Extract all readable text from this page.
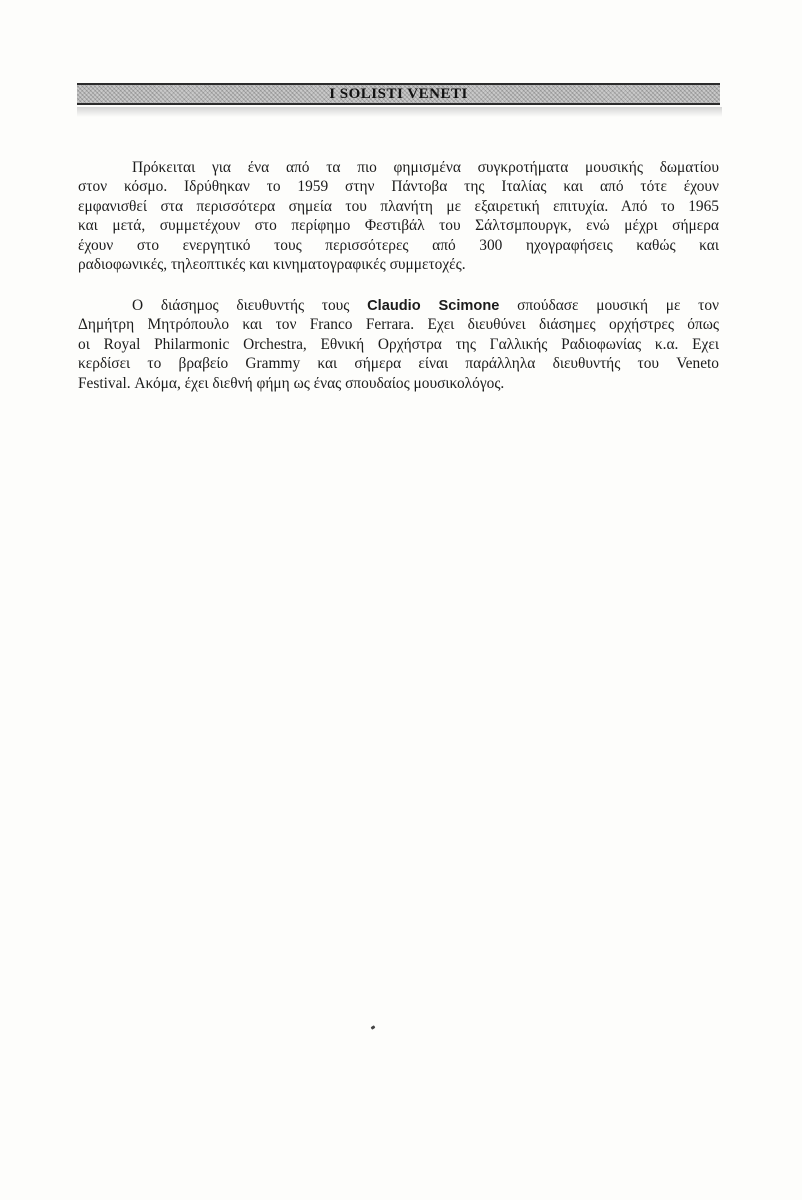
I SOLISTI VENETI
Πρόκειται για ένα από τα πιο φημισμένα συγκροτήματα μουσικής δωματίου
στον κόσμο. Ιδρύθηκαν το 1959 στην Πάντοβα της Ιταλίας και από τότε έχουν
εμφανισθεί στα περισσότερα σημεία του πλανήτη με εξαιρετική επιτυχία. Από το 1965
και μετά, συμμετέχουν στο περίφημο Φεστιβάλ του Σάλτσμπουργκ, ενώ μέχρι σήμερα
έχουν στο ενεργητικό τους περισσότερες από 300 ηχογραφήσεις καθώς και
ραδιοφωνικές, τηλεοπτικές και κινηματογραφικές συμμετοχές.
Ο διάσημος διευθυντής τους Claudio Scimone σπούδασε μουσική με τον
Δημήτρη Μητρόπουλο και τον Franco Ferrara. Εχει διευθύνει διάσημες ορχήστρες όπως
οι Royal Philarmonic Orchestra, Εθνική Ορχήστρα της Γαλλικής Ραδιοφωνίας κ.α. Εχει
κερδίσει το βραβείο Grammy και σήμερα είναι παράλληλα διευθυντής του Veneto
Festival. Ακόμα, έχει διεθνή φήμη ως ένας σπουδαίος μουσικολόγος.
